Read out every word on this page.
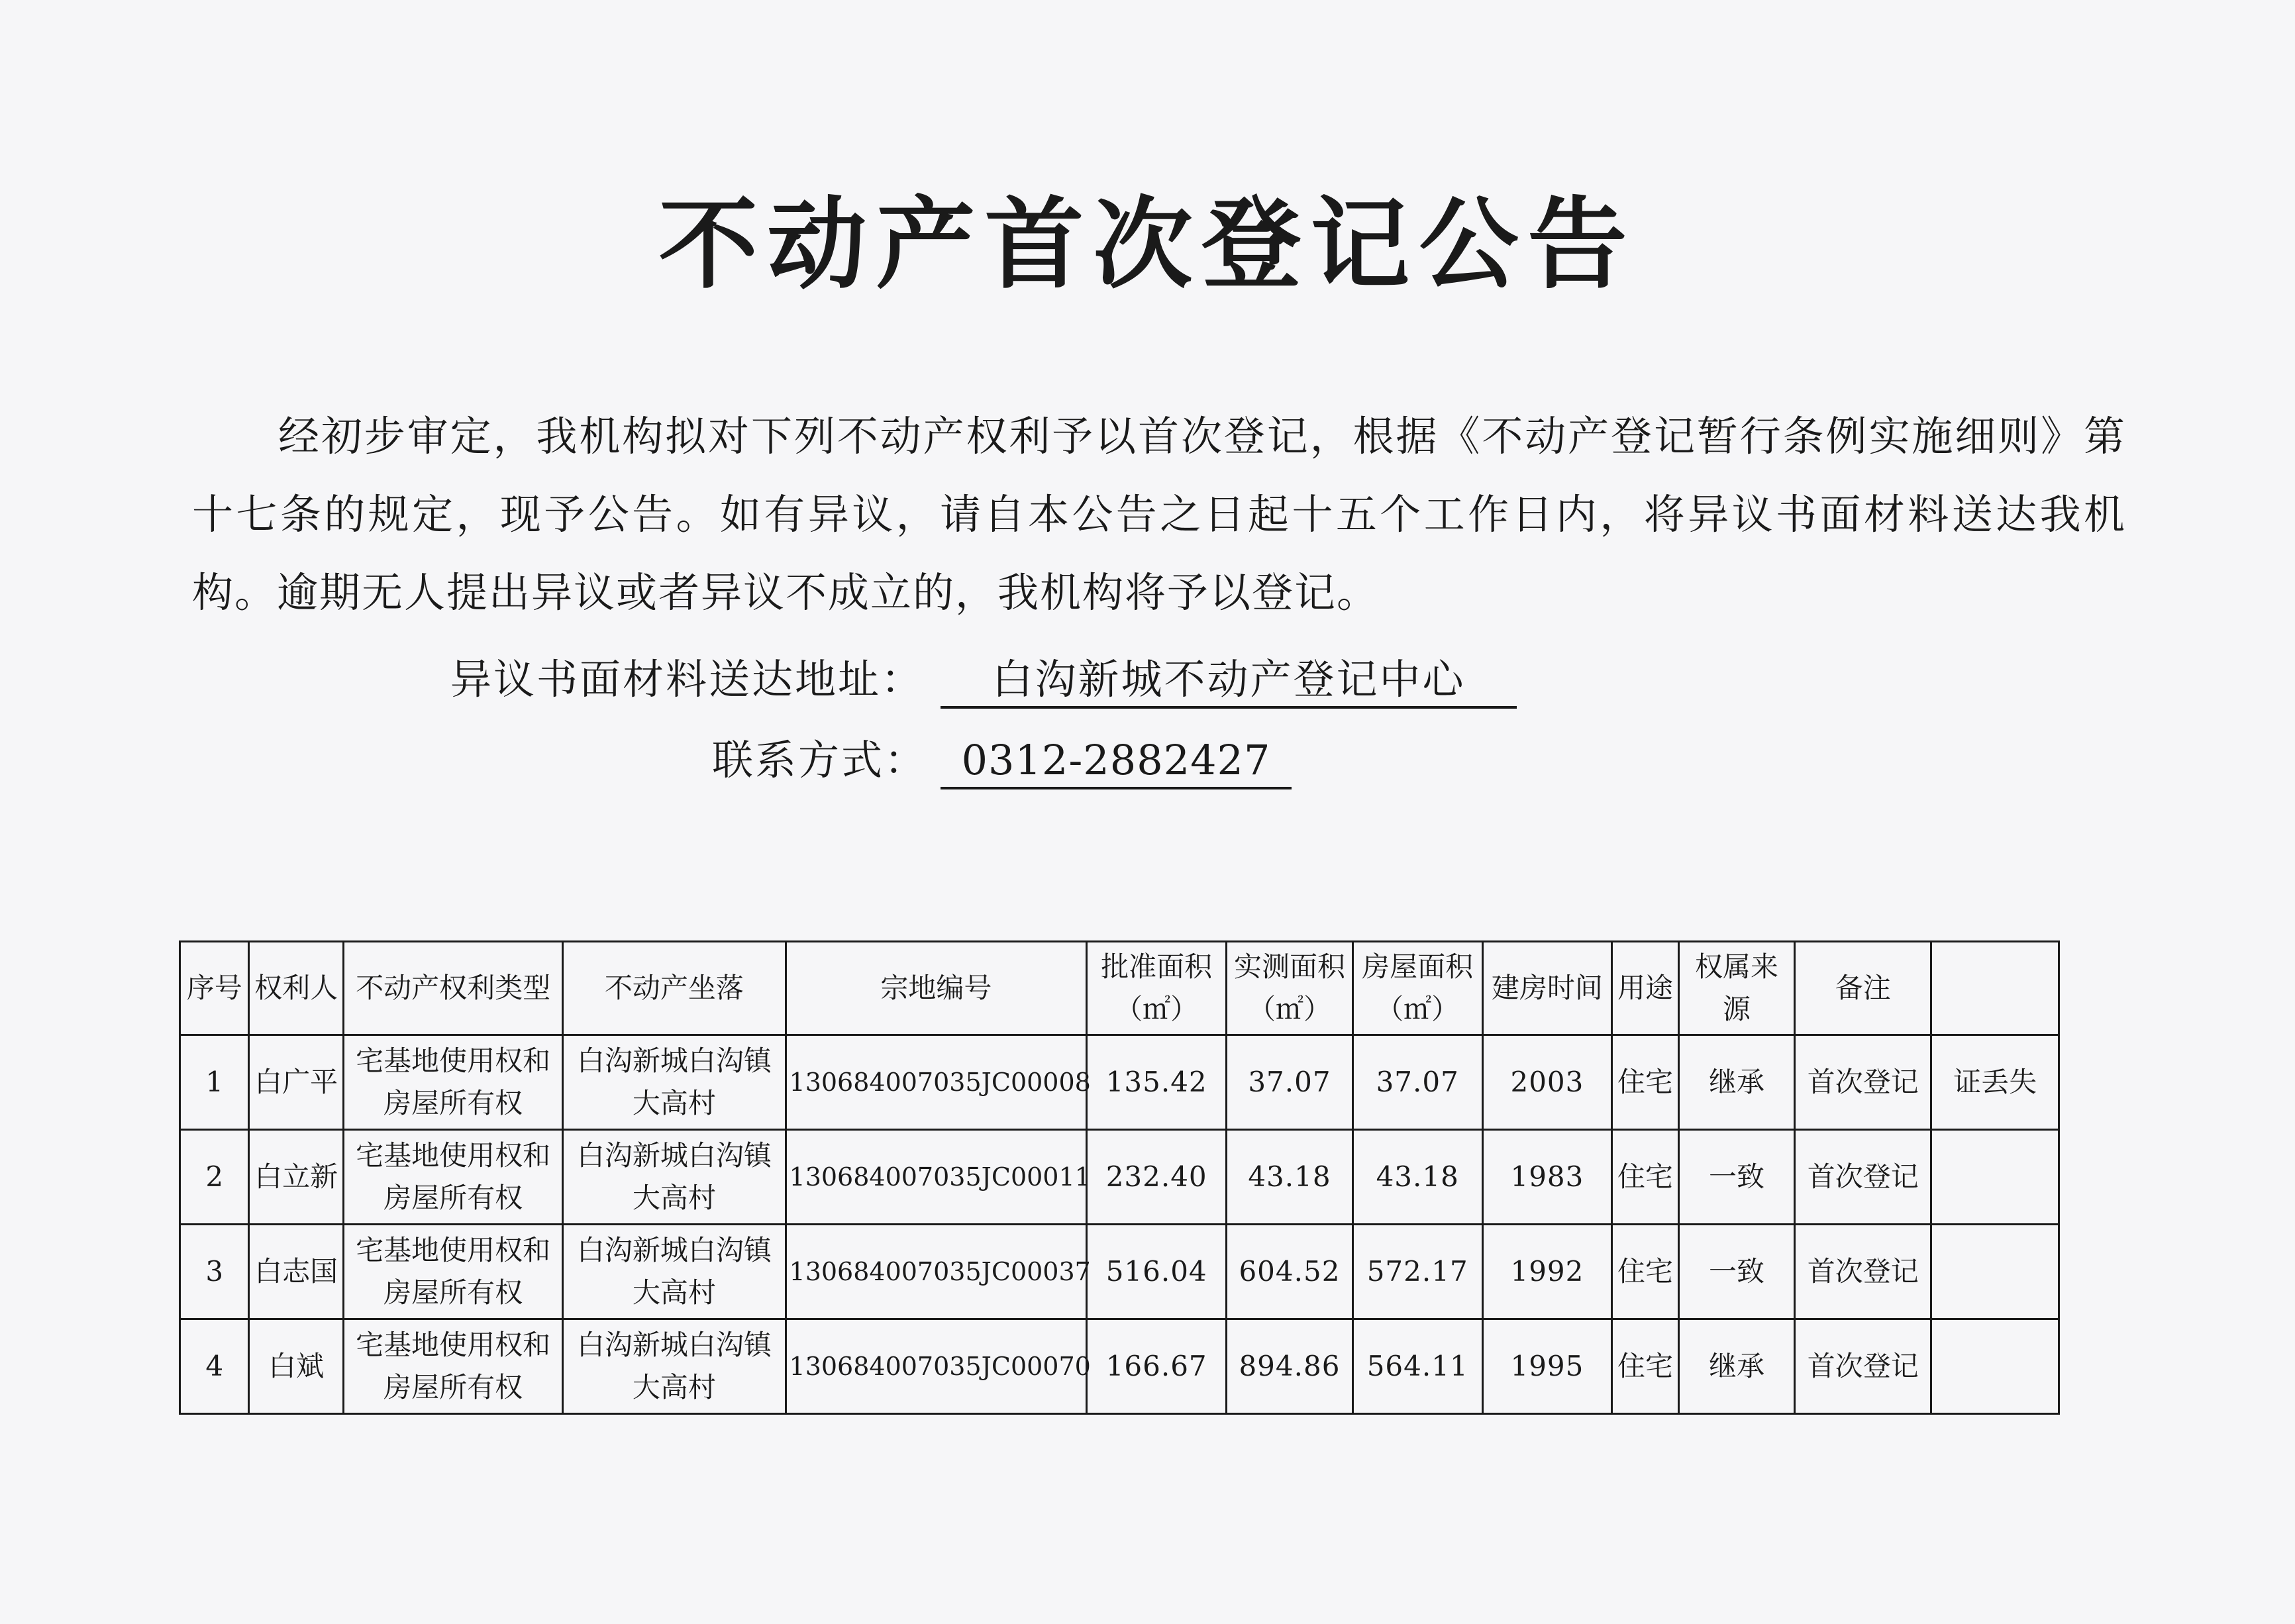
不动产首次登记公告
经初步审定，我机构拟对下列不动产权利予以首次登记，根据《不动产登记暂行条例实施细则》第十七条的规定，现予公告。如有异议，请自本公告之日起十五个工作日内，将异议书面材料送达我机构。逾期无人提出异议或者异议不成立的，我机构将予以登记。
异议书面材料送达地址： 白沟新城不动产登记中心
联系方式： 0312-2882427
序号	权利人	不动产权利类型	不动产坐落	宗地编号	批准面积（㎡）	实测面积（㎡）	房屋面积（㎡）	建房时间	用途	权属来源	备注	
1	白广平	宅基地使用权和房屋所有权	白沟新城白沟镇大高村	130684007035JC00008	135.42	37.07	37.07	2003	住宅	继承	首次登记	证丢失
2	白立新	宅基地使用权和房屋所有权	白沟新城白沟镇大高村	130684007035JC00011	232.40	43.18	43.18	1983	住宅	一致	首次登记	
3	白志国	宅基地使用权和房屋所有权	白沟新城白沟镇大高村	130684007035JC00037	516.04	604.52	572.17	1992	住宅	一致	首次登记	
4	白斌	宅基地使用权和房屋所有权	白沟新城白沟镇大高村	130684007035JC00070	166.67	894.86	564.11	1995	住宅	继承	首次登记	
